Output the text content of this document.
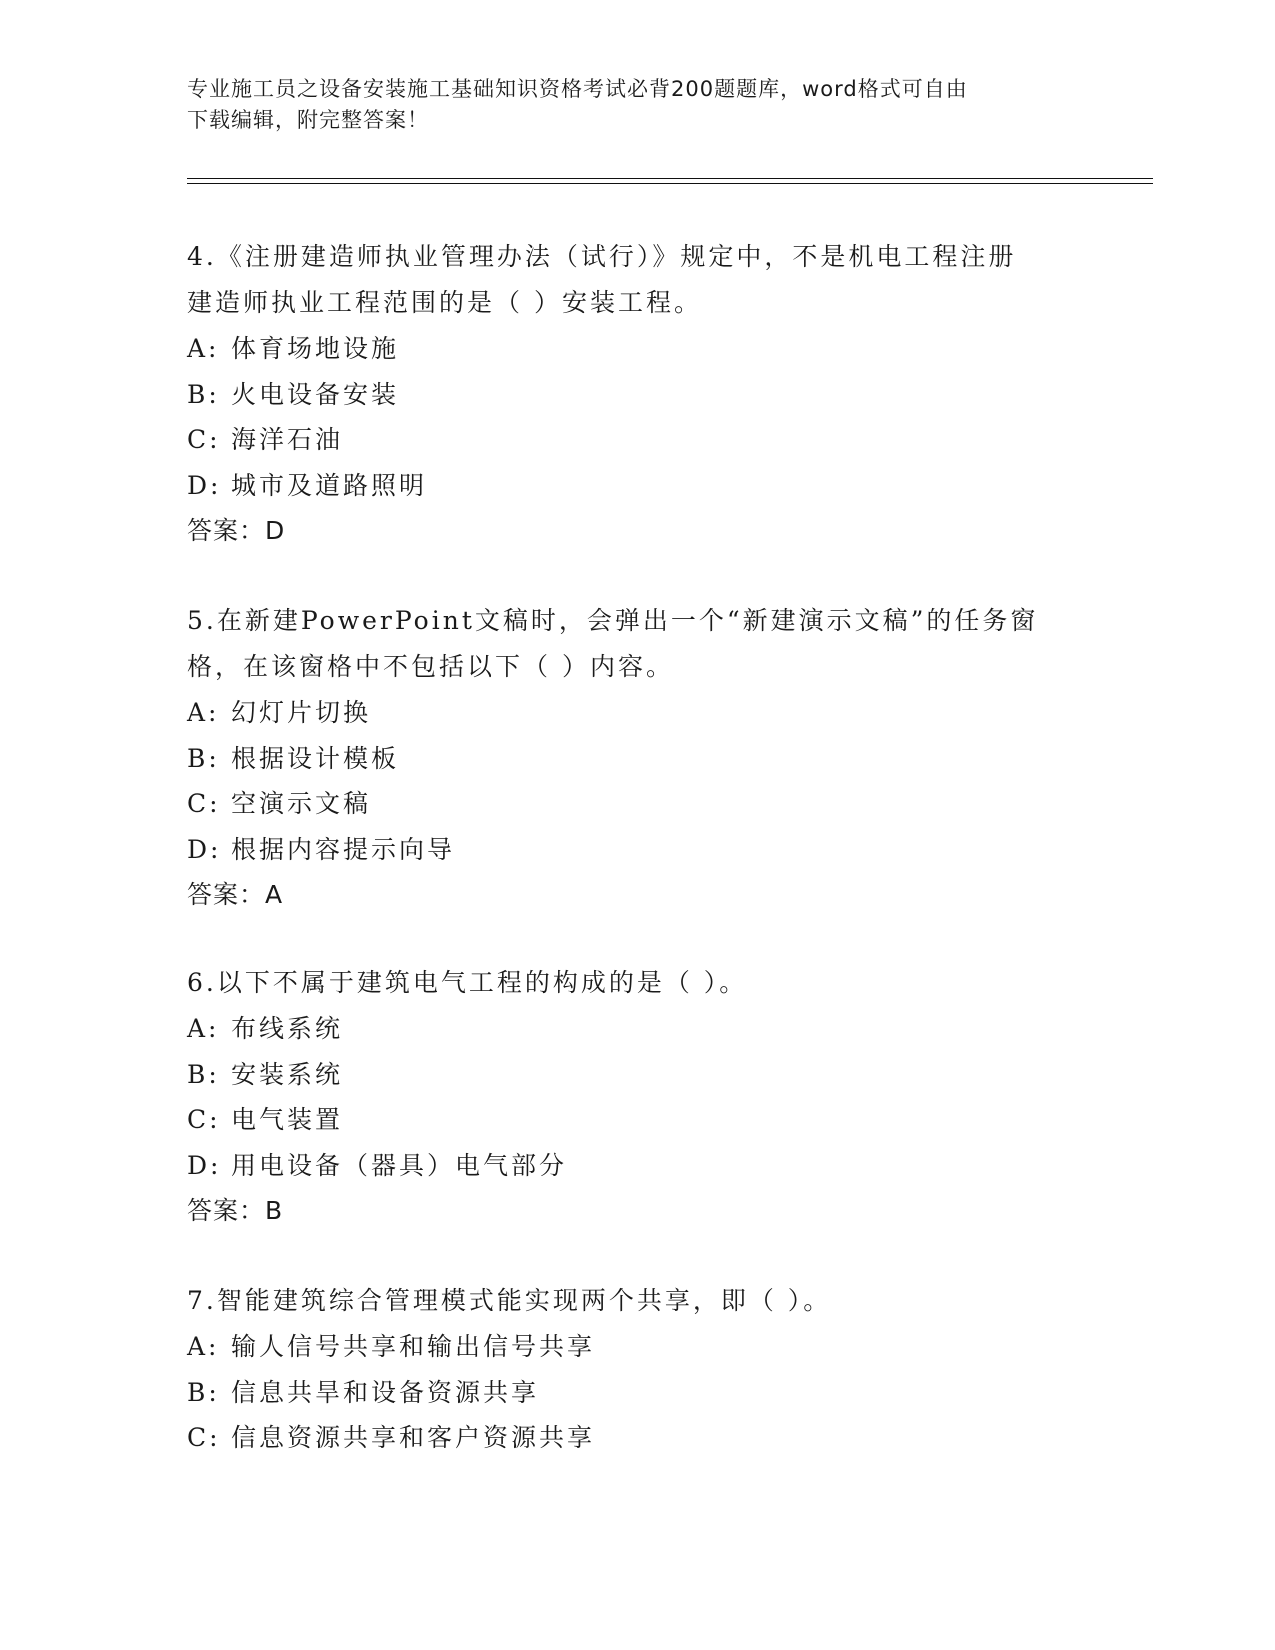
专业施工员之设备安装施工基础知识资格考试必背200题题库，word格式可自由
下载编辑，附完整答案！
4.《注册建造师执业管理办法（试行）》规定中，不是机电工程注册
建造师执业工程范围的是（ ）安装工程。
A: 体育场地设施
B: 火电设备安装
C: 海洋石油
D: 城市及道路照明
答案：D
5.在新建PowerPoint文稿时，会弹出一个“新建演示文稿”的任务窗
格，在该窗格中不包括以下（ ）内容。
A: 幻灯片切换
B: 根据设计模板
C: 空演示文稿
D: 根据内容提示向导
答案：A
6.以下不属于建筑电气工程的构成的是（ ）。
A: 布线系统
B: 安装系统
C: 电气装置
D: 用电设备（器具）电气部分
答案：B
7.智能建筑综合管理模式能实现两个共享，即（ ）。
A: 输人信号共享和输出信号共享
B: 信息共旱和设备资源共享
C: 信息资源共享和客户资源共享
